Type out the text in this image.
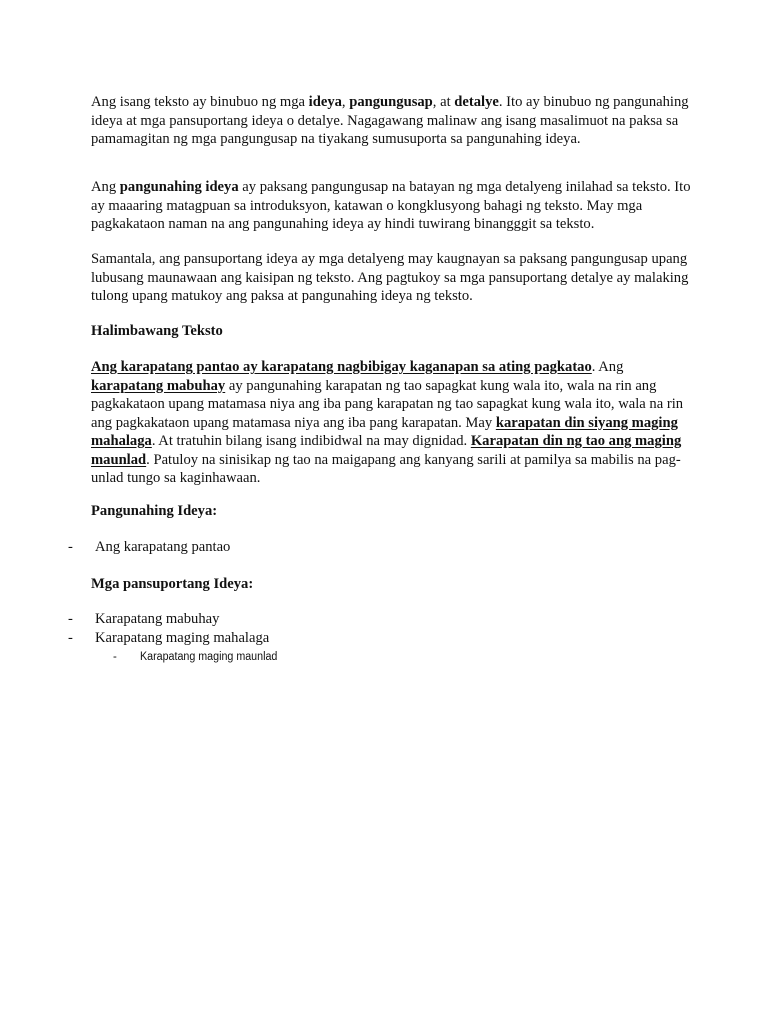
Ang isang teksto ay binubuo ng mga ideya, pangungusap, at detalye. Ito ay binubuo ng pangunahing ideya at mga pansuportang ideya o detalye. Nagagawang malinaw ang isang masalimuot na paksa sa pamamagitan ng mga pangungusap na tiyakang sumusuporta sa pangunahing ideya.

Ang pangunahing ideya ay paksang pangungusap na batayan ng mga detalyeng inilahad sa teksto. Ito ay maaaring matagpuan sa introduksyon, katawan o kongklusyong bahagi ng teksto. May mga pagkakataon naman na ang pangunahing ideya ay hindi tuwirang binangggit sa teksto.

Samantala, ang pansuportang ideya ay mga detalyeng may kaugnayan sa paksang pangungusap upang lubusang maunawaan ang kaisipan ng teksto. Ang pagtukoy sa mga pansuportang detalye ay malaking tulong upang matukoy ang paksa at pangunahing ideya ng teksto.

Halimbawang Teksto

Ang karapatang pantao ay karapatang nagbibigay kaganapan sa ating pagkatao. Ang karapatang mabuhay ay pangunahing karapatan ng tao sapagkat kung wala ito, wala na rin ang pagkakataon upang matamasa niya ang iba pang karapatan ng tao sapagkat kung wala ito, wala na rin ang pagkakataon upang matamasa niya ang iba pang karapatan. May karapatan din siyang maging mahalaga. At tratuhin bilang isang indibidwal na may dignidad. Karapatan din ng tao ang maging maunlad. Patuloy na sinisikap ng tao na maigapang ang kanyang sarili at pamilya sa mabilis na pag-unlad tungo sa kaginhawaan.

Pangunahing Ideya:

- Ang karapatang pantao

Mga pansuportang Ideya:

- Karapatang mabuhay
- Karapatang maging mahalaga
- Karapatang maging maunlad
